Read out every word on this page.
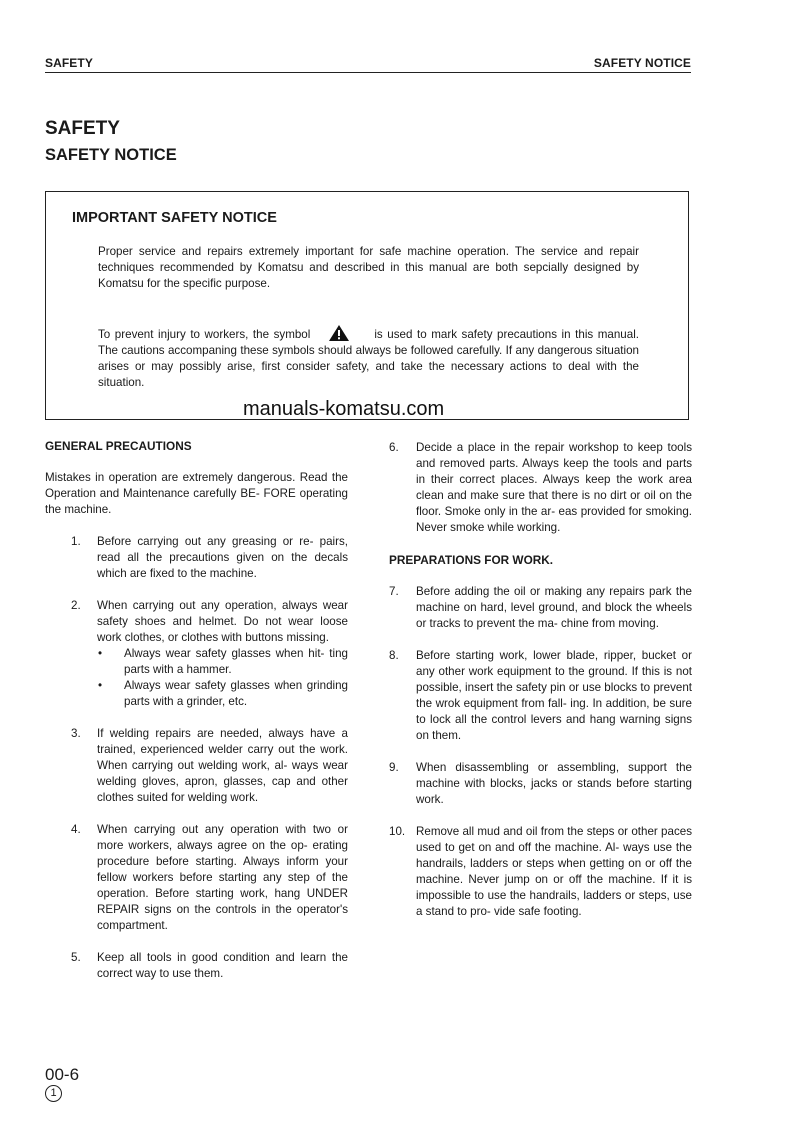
SAFETY	SAFETY NOTICE
SAFETY
SAFETY NOTICE
IMPORTANT SAFETY NOTICE

Proper service and repairs extremely important for safe machine operation. The service and repair techniques recommended by Komatsu and described in this manual are both sepcially designed by Komatsu for the specific purpose.

To prevent injury to workers, the symbol	is used to mark safety precautions in this manual. The cautions accompaning these symbols should always be followed carefully. If any dangerous situation arises or may possibly arise, first consider safety, and take the necessary actions to deal with the situation.

manuals-komatsu.com

GENERAL PRECAUTIONS

Mistakes in operation are extremely dangerous. Read the Operation and Maintenance carefully BE- FORE operating the machine.

1. Before carrying out any greasing or re- pairs, read all the precautions given on the decals which are fixed to the machine.

2. When carrying out any operation, always wear safety shoes and helmet. Do not wear loose work clothes, or clothes with buttons missing.

• Always wear safety glasses when hit- ting parts with a hammer.
• Always wear safety glasses when grinding parts with a grinder, etc.
3. If welding repairs are needed, always have a trained, experienced welder carry out the work. When carrying out welding work, al- ways wear welding gloves, apron, glasses, cap and other clothes suited for welding work.

4. When carrying out any operation with two or more workers, always agree on the op- erating procedure before starting. Always inform your fellow workers before starting any step of the operation. Before starting work, hang UNDER REPAIR signs on the controls in the operator's compartment.

5. Keep all tools in good condition and learn the correct way to use them.

6. Decide a place in the repair workshop to keep tools and removed parts. Always keep the tools and parts in their correct places. Always keep the work area clean and make sure that there is no dirt or oil on the floor. Smoke only in the ar- eas provided for smoking. Never smoke while working.

PREPARATIONS FOR WORK.

7. Before adding the oil or making any repairs park the machine on hard, level ground, and block the wheels or tracks to prevent the ma- chine from moving.

8. Before starting work, lower blade, ripper, bucket or any other work equipment to the ground. If this is not possible, insert the safety pin or use blocks to prevent the wrok equipment from fall- ing. In addition, be sure to lock all the control levers and hang warning signs on them.

9. When disassembling or assembling, support the machine with blocks, jacks or stands before starting work.

10. Remove all mud and oil from the steps or other paces used to get on and off the machine. Al- ways use the handrails, ladders or steps when getting on or off the machine. Never jump on or off the machine. If it is impossible to use the handrails, ladders or steps, use a stand to pro- vide safe footing.

00-6
1
